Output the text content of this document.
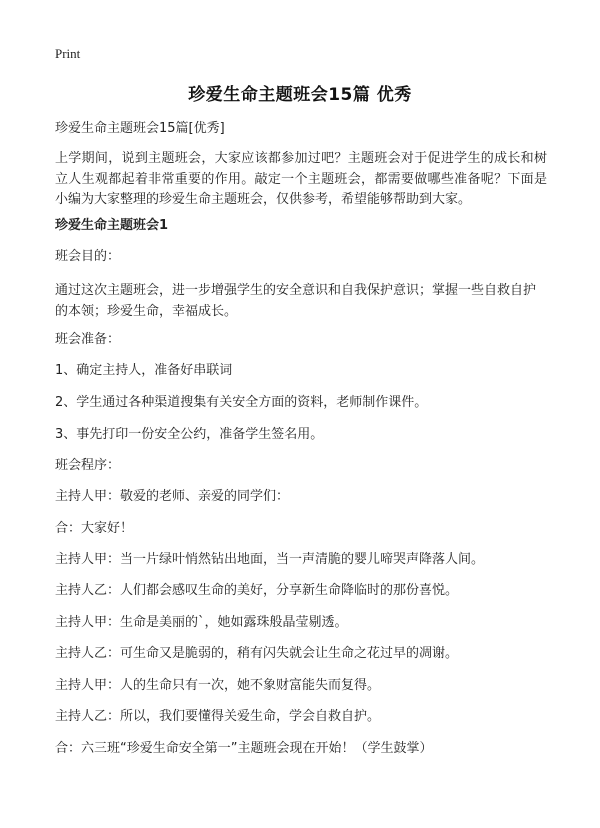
Print
珍爱生命主题班会15篇 优秀
珍爱生命主题班会15篇[优秀]
上学期间，说到主题班会，大家应该都参加过吧？主题班会对于促进学生的成长和树立人生观都起着非常重要的作用。敲定一个主题班会，都需要做哪些准备呢？下面是小编为大家整理的珍爱生命主题班会，仅供参考，希望能够帮助到大家。
珍爱生命主题班会1
班会目的：
通过这次主题班会，进一步增强学生的安全意识和自我保护意识；掌握一些自救自护的本领；珍爱生命，幸福成长。
班会准备：
1、确定主持人，准备好串联词
2、学生通过各种渠道搜集有关安全方面的资料，老师制作课件。
3、事先打印一份安全公约，准备学生签名用。
班会程序：
主持人甲：敬爱的老师、亲爱的同学们：
合：大家好！
主持人甲：当一片绿叶悄然钻出地面，当一声清脆的婴儿啼哭声降落人间。
主持人乙：人们都会感叹生命的美好，分享新生命降临时的那份喜悦。
主持人甲：生命是美丽的`，她如露珠般晶莹剔透。
主持人乙：可生命又是脆弱的，稍有闪失就会让生命之花过早的凋谢。
主持人甲：人的生命只有一次，她不象财富能失而复得。
主持人乙：所以，我们要懂得关爱生命，学会自救自护。
合：六三班“珍爱生命安全第一”主题班会现在开始！（学生鼓掌）
